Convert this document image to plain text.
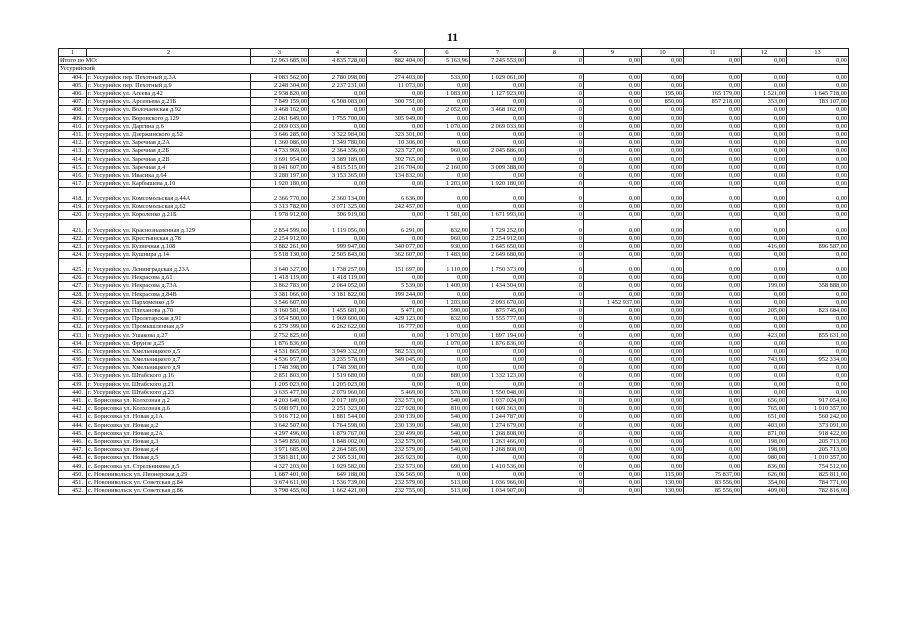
11
1	2	3	4	5	6	7	8	9	10	11	12	13
Итого по МО:		12 963 685,00	4 835 728,00	882 404,00	5 163,96	7 245 553,00	0	0,00	0,00	0,00	0,00	0,00
Уссурийский												
404.	г. Уссурийск пер. Пехотный д.3А	4 083 562,00	2 780 098,00	274 403,00	533,00	1 029 061,00	0	0,00	0,00	0,00	0,00	0,00
405.	г. Уссурийск пер. Пехотный д.9	2 248 304,00	2 237 231,00	11 073,00	0,00	0,00	0	0,00	0,00	0,00	0,00	0,00
406.	г. Уссурийск ул. Агеева д.42	2 938 820,00	0,00	0,00	1 083,00	1 127 923,00	0	0,00	195,00	165 179,00	1 521,00	1 645 718,00
407.	г. Уссурийск ул. Арсеньева д.21Б	7 849 159,00	6 508 083,00	300 751,00	0,00	0,00	0	0,00	850,00	857 218,00	353,00	183 107,00
408.	г. Уссурийск ул. Волочаевская д.92	3 468 162,00	0,00	0,00	2 052,00	3 468 162,00	0	0,00	0,00	0,00	0,00	0,00
409.	г. Уссурийск ул. Воронского д.129	2 061 649,00	1 755 700,00	305 949,00	0,00	0,00	0	0,00	0,00	0,00	0,00	0,00
410.	г. Уссурийск ул. Даргина д.6	2 069 033,00	0,00	0,00	1 070,00	2 069 033,00	0	0,00	0,00	0,00	0,00	0,00
411.	г. Уссурийск ул. Дзержинского д.52	3 646 285,00	3 322 984,00	323 301,00	0,00	0,00	0	0,00	0,00	0,00	0,00	0,00
412.	г. Уссурийск ул. Заречная д.2А	1 360 086,00	1 349 780,00	10 306,00	0,00	0,00	0	0,00	0,00	0,00	0,00	0,00
413.	г. Уссурийск ул. Заречная д.2Б	4 733 969,00	2 364 356,00	323 727,00	960,00	2 045 886,00	0	0,00	0,00	0,00	0,00	0,00
414.	г. Уссурийск ул. Заречная д.2В	3 691 954,00	3 389 189,00	302 765,00	0,00	0,00	0	0,00	0,00	0,00	0,00	0,00
415.	г. Уссурийск ул. Заречная д.4	8 041 607,00	4 815 515,00	216 704,00	2 160,00	3 009 388,00	0	0,00	0,00	0,00	0,00	0,00
416.	г. Уссурийск ул. Ивасика д.64	3 288 197,00	3 153 365,00	134 832,00	0,00	0,00	0	0,00	0,00	0,00	0,00	0,00
417.	г. Уссурийск ул. Карбышева д.10	1 920 180,00	0,00	0,00	1 203,00	1 920 180,00	0	0,00	0,00	0,00	0,00	0,00
418.	г. Уссурийск ул. Комсомольская д.44А	2 366 770,00	2 360 134,00	6 636,00	0,00	0,00	0	0,00	0,00	0,00	0,00	0,00
419.	г. Уссурийск ул. Комсомольская д.62	3 313 782,00	3 071 325,00	242 457,00	0,00	0,00	0	0,00	0,00	0,00	0,00	0,00
420.	г. Уссурийск ул. Короленко д.21Б	1 978 912,00	306 919,00	0,00	1 581,00	1 671 993,00	0	0,00	0,00	0,00	0,00	0,00
421.	г. Уссурийск ул. Краснознаменная д.129	2 854 599,00	1 119 056,00	6 291,00	832,00	1 729 252,00	0	0,00	0,00	0,00	0,00	0,00
422.	г. Уссурийск ул. Крестьянская д.78	2 254 912,00	0,00	0,00	960,00	2 254 912,00	0	0,00	0,00	0,00	0,00	0,00
423.	г. Уссурийск ул. Кузнечная д.108	3 882 261,00	999 947,00	340 077,00	930,00	1 645 650,00	0	0,00	0,00	0,00	416,00	896 587,00
424.	г. Уссурийск ул. Кушнира д.14	5 518 130,00	2 505 843,00	362 607,00	1 483,00	2 649 680,00	0	0,00	0,00	0,00	0,00	0,00
425.	г. Уссурийск ул. Ленинградская д.23А	3 640 327,00	1 738 257,00	151 697,00	1 110,00	1 750 373,00	0	0,00	0,00	0,00	0,00	0,00
426.	г. Уссурийск ул. Некрасова д.61	1 418 119,00	1 418 119,00	0,00	0,00	0,00	0	0,00	0,00	0,00	0,00	0,00
427.	г. Уссурийск ул. Некрасова д.73А	3 862 783,00	2 064 052,00	5 539,00	1 400,00	1 434 304,00	0	0,00	0,00	0,00	199,00	358 888,00
428.	г. Уссурийск ул. Некрасова д.84В	3 381 066,00	3 181 822,00	199 244,00	0,00	0,00	0	0,00	0,00	0,00	0,00	0,00
429.	г. Уссурийск ул. Пархоменко д.9	3 546 607,00	0,00	0,00	1 203,00	2 093 670,00	1	1 452 937,00	0,00	0,00	0,00	0,00
430.	г. Уссурийск ул. Плеханова д.70	3 160 581,00	1 455 681,00	5 471,00	590,00	875 745,00	0	0,00	0,00	0,00	205,00	823 684,00
431.	г. Уссурийск ул. Пролетарская д.91	3 954 500,00	1 969 600,00	429 123,00	832,00	1 555 777,00	0	0,00	0,00	0,00	0,00	0,00
432.	г. Уссурийск ул. Промышленная д.9	6 279 399,00	6 262 622,00	16 777,00	0,00	0,00	0	0,00	0,00	0,00	0,00	0,00
433.	г. Уссурийск ул. Ушакова д.27	2 752 825,00	0,00	0,00	1 070,00	1 897 194,00	0	0,00	0,00	0,00	423,00	855 631,00
434.	г. Уссурийск ул. Фрунзе д.25	1 876 836,00	0,00	0,00	1 070,00	1 876 836,00	0	0,00	0,00	0,00	0,00	0,00
435.	г. Уссурийск ул. Хмельницкого д.5	4 531 865,00	3 949 332,00	582 533,00	0,00	0,00	0	0,00	0,00	0,00	0,00	0,00
436.	г. Уссурийск ул. Хмельницкого д.7	4 536 957,00	3 235 578,00	349 045,00	0,00	0,00	0	0,00	0,00	0,00	743,00	952 334,00
437.	г. Уссурийск ул. Хмельницкого д.9	1 748 398,00	1 748 398,00	0,00	0,00	0,00	0	0,00	0,00	0,00	0,00	0,00
438.	г. Уссурийск ул. Штабского д.16	2 851 803,00	1 519 680,00	0,00	880,00	1 332 123,00	0	0,00	0,00	0,00	0,00	0,00
439.	г. Уссурийск ул. Штабского д.21	1 205 023,00	1 205 023,00	0,00	0,00	0,00	0	0,00	0,00	0,00	0,00	0,00
440.	г. Уссурийск ул. Штабского д.23	3 635 477,00	2 079 960,00	5 469,00	570,00	1 550 048,00	0	0,00	0,00	0,00	0,00	0,00
441.	с. Борисовка ул. Колхозная д.2	4 203 640,00	2 017 189,00	232 573,00	540,00	1 037 024,00	0	0,00	0,00	0,00	656,00	917 054,00
442.	с. Борисовка ул. Колхозная д.6	5 098 971,00	2 251 323,00	227 928,00	810,00	1 609 363,00	0	0,00	0,00	0,00	765,00	1 010 357,00
443.	с. Борисовка ул. Новая д.1А	3 916 712,00	1 881 544,00	230 139,00	540,00	1 244 787,00	0	0,00	0,00	0,00	651,00	560 242,00
444.	с. Борисовка ул. Новая д.2	3 642 507,00	1 764 598,00	230 139,00	540,00	1 274 679,00	0	0,00	0,00	0,00	403,00	373 091,00
445.	с. Борисовка ул. Новая д.2А	4 297 496,00	1 879 767,00	230 499,00	540,00	1 268 808,00	0	0,00	0,00	0,00	871,00	918 422,00
446.	с. Борисовка ул. Новая д.3	3 549 850,00	1 848 002,00	232 579,00	540,00	1 263 466,00	0	0,00	0,00	0,00	198,00	205 713,00
447.	с. Борисовка ул. Новая д.4	3 971 685,00	2 264 585,00	232 579,00	540,00	1 268 808,00	0	0,00	0,00	0,00	198,00	205 713,00
448.	с. Борисовка ул. Новая д.5	3 581 811,00	2 305 531,00	265 923,00	0,00	0,00	0	0,00	0,00	0,00	980,00	1 010 357,00
449.	с. Борисовка ул. Стрельникова д.5	4 327 203,00	1 929 582,00	232 573,00	690,00	1 410 536,00	0	0,00	0,00	0,00	836,00	754 512,00
450.	с. Новоникольск ул. Пионерская д.29	1 687 401,00	649 188,00	136 565,00	0,00	0,00	0	0,00	115,00	75 837,00	626,00	825 811,00
451.	с. Новоникольск ул. Советская д.84	3 674 611,00	1 536 739,00	232 579,00	513,00	1 036 966,00	0	0,00	130,00	83 556,00	354,00	784 771,00
452.	с. Новоникольск ул. Советская д.86	3 798 455,00	1 662 421,00	232 755,00	513,00	1 034 907,00	0	0,00	130,00	85 556,00	409,00	782 816,00
